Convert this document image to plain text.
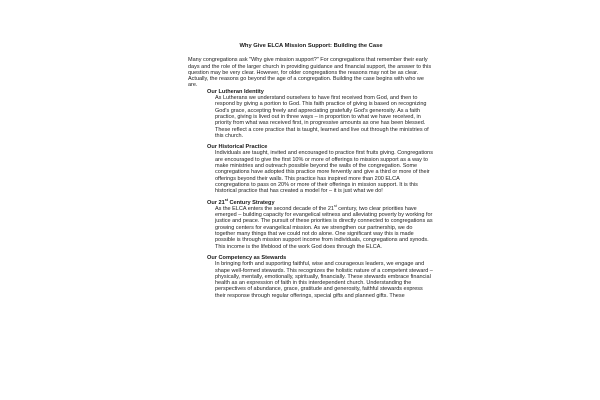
Why Give ELCA Mission Support: Building the Case

Many congregations ask "Why give mission support?" For congregations that remember their early days and the role of the larger church in providing guidance and financial support, the answer to this question may be very clear. However, for older congregations the reasons may not be as clear. Actually, the reasons go beyond the age of a congregation. Building the case begins with who we are.

Our Lutheran Identity

As Lutherans we understand ourselves to have first received from God, and then to respond by giving a portion to God. This faith practice of giving is based on recognizing God's grace, accepting freely and appreciating gratefully God's generosity. As a faith practice, giving is lived out in three ways – in proportion to what we have received, in priority from what was received first, in progressive amounts as one has been blessed. These reflect a core practice that is taught, learned and live out through the ministries of this church.

Our Historical Practice

Individuals are taught, invited and encouraged to practice first fruits giving. Congregations are encouraged to give the first 10% or more of offerings to mission support as a way to make ministries and outreach possible beyond the walls of the congregation. Some congregations have adopted this practice more fervently and give a third or more of their offerings beyond their walls. This practice has inspired more than 200 ELCA congregations to pass on 20% or more of their offerings in mission support. It is this historical practice that has created a model for – it is just what we do!

Our 21st Century Strategy

As the ELCA enters the second decade of the 21st century, two clear priorities have emerged – building capacity for evangelical witness and alleviating poverty by working for justice and peace. The pursuit of these priorities is directly connected to congregations as growing centers for evangelical mission. As we strengthen our partnership, we do together many things that we could not do alone. One significant way this is made possible is through mission support income from individuals, congregations and synods. This income is the lifeblood of the work God does through the ELCA.

Our Competency as Stewards

In bringing forth and supporting faithful, wise and courageous leaders, we engage and shape well-formed stewards. This recognizes the holistic nature of a competent steward – physically, mentally, emotionally, spiritually, financially. These stewards embrace financial health as an expression of faith in this interdependent church. Understanding the perspectives of abundance, grace, gratitude and generosity, faithful stewards express their response through regular offerings, special gifts and planned gifts. These
